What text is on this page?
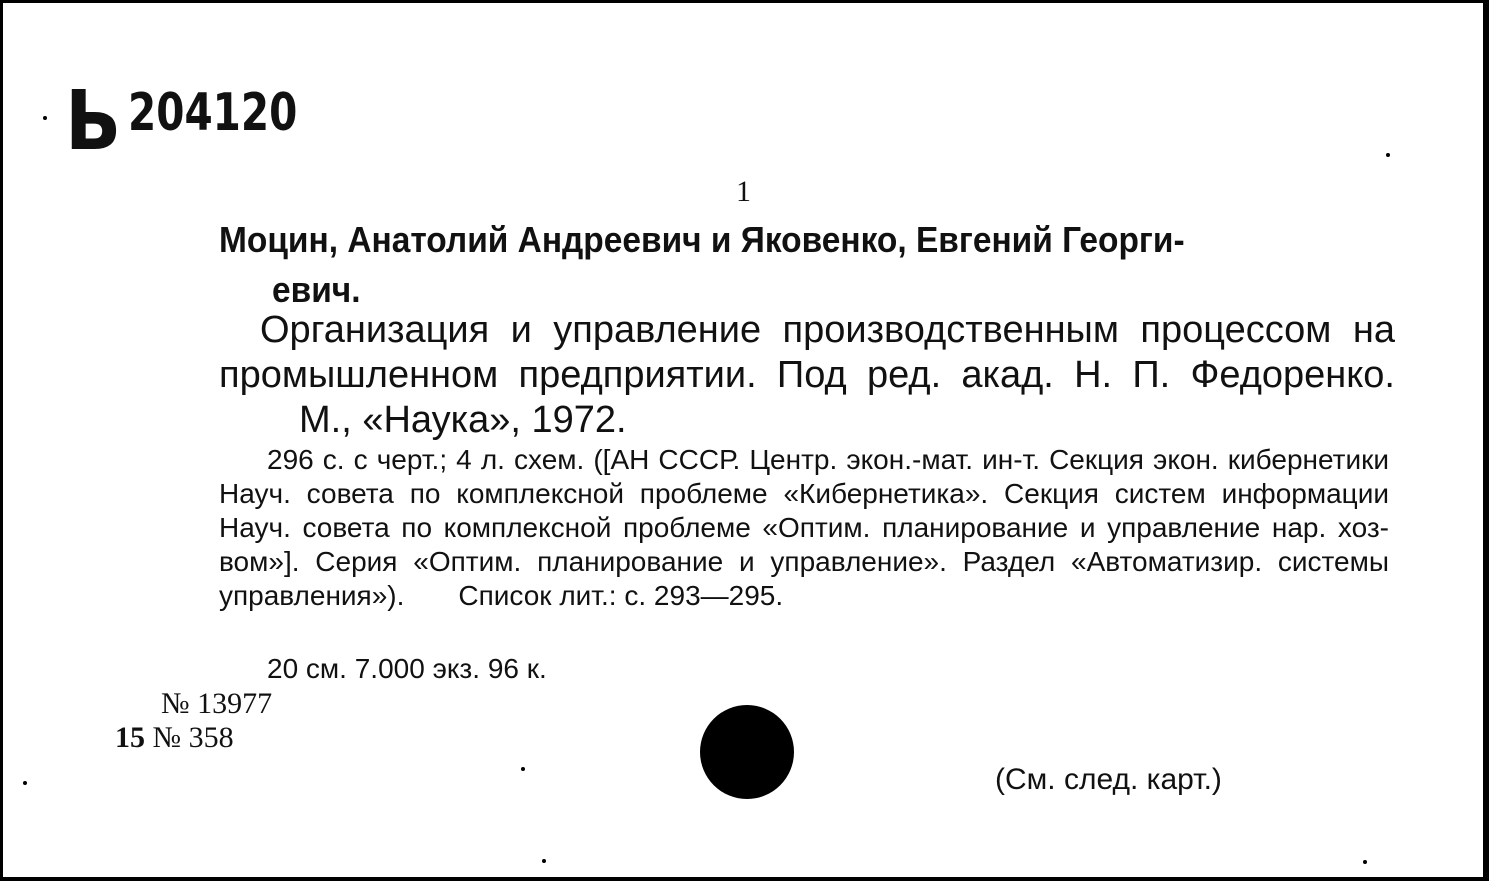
Ь 204120
1
Моцин, Анатолий Андреевич и Яковенко, Евгений Георги-
евич.
Организация и управление производственным процессом на промышленном предприятии. Под ред. акад. Н. П. Федоренко.М., «Наука», 1972.
296 с. с черт.; 4 л. схем. ([АН СССР. Центр. экон.-мат. ин-т. Секция экон. кибернетики Науч. совета по комплексной проблеме «Кибернетика». Секция систем информации Науч. совета по комплексной проблеме «Оптим. планирование и управление нар. хоз-вом»]. Серия «Оптим. планирование и управление». Раздел «Автоматизир. системы управления»). Список лит.: с. 293—295.
20 см. 7.000 экз. 96 к.
№ 13977
15 № 358
(См. след. карт.)
